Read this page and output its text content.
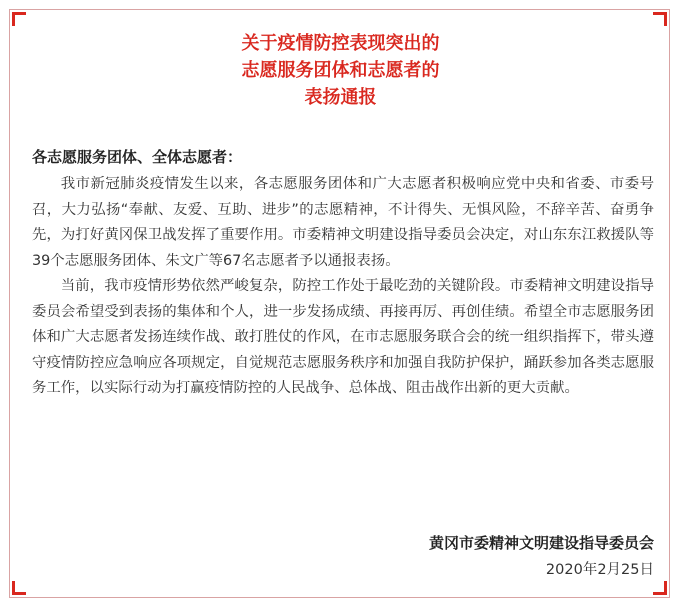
关于疫情防控表现突出的
志愿服务团体和志愿者的
表扬通报
各志愿服务团体、全体志愿者：

我市新冠肺炎疫情发生以来，各志愿服务团体和广大志愿者积极响应党中央和省委、市委号召，大力弘扬“奉献、友爱、互助、进步”的志愿精神，不计得失、无惧风险，不辞辛苦、奋勇争先，为打好黄冈保卫战发挥了重要作用。市委精神文明建设指导委员会决定，对山东东江救援队等39个志愿服务团体、朱文广等67名志愿者予以通报表扬。

当前，我市疫情形势依然严峻复杂，防控工作处于最吃劲的关键阶段。市委精神文明建设指导委员会希望受到表扬的集体和个人，进一步发扬成绩、再接再厉、再创佳绩。希望全市志愿服务团体和广大志愿者发扬连续作战、敢打胜仗的作风，在市志愿服务联合会的统一组织指挥下，带头遵守疫情防控应急响应各项规定，自觉规范志愿服务秩序和加强自我防护保护，踊跃参加各类志愿服务工作，以实际行动为打赢疫情防控的人民战争、总体战、阻击战作出新的更大贡献。

黄冈市委精神文明建设指导委员会
2020年2月25日
